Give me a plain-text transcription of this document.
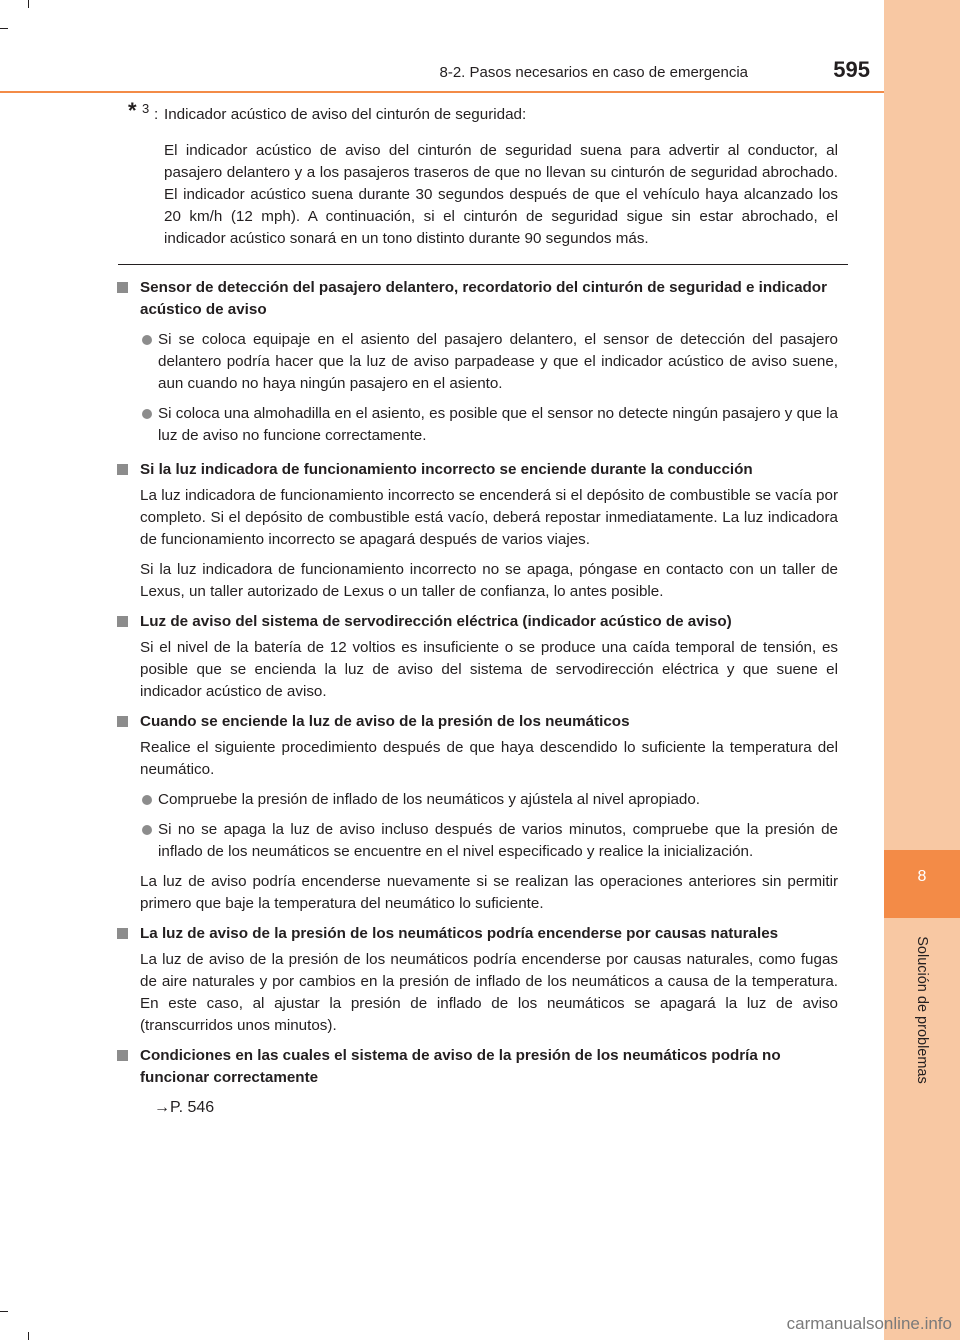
8
Solución de problemas
8-2. Pasos necesarios en caso de emergencia	595

* 3 : Indicador acústico de aviso del cinturón de seguridad:

El indicador acústico de aviso del cinturón de seguridad suena para advertir al conductor, al pasajero delantero y a los pasajeros traseros de que no llevan su cinturón de seguridad abrochado. El indicador acústico suena durante 30 segundos después de que el vehículo haya alcanzado los 20 km/h (12 mph). A continuación, si el cinturón de seguridad sigue sin estar abrochado, el indicador acústico sonará en un tono distinto durante 90 segundos más.

Sensor de detección del pasajero delantero, recordatorio del cinturón de seguridad e indicador acústico de aviso

Si se coloca equipaje en el asiento del pasajero delantero, el sensor de detección del pasajero delantero podría hacer que la luz de aviso parpadease y que el indicador acústico de aviso suene, aun cuando no haya ningún pasajero en el asiento.

Si coloca una almohadilla en el asiento, es posible que el sensor no detecte ningún pasajero y que la luz de aviso no funcione correctamente.

Si la luz indicadora de funcionamiento incorrecto se enciende durante la conducción

La luz indicadora de funcionamiento incorrecto se encenderá si el depósito de combustible se vacía por completo. Si el depósito de combustible está vacío, deberá repostar inmediatamente. La luz indicadora de funcionamiento incorrecto se apagará después de varios viajes.

Si la luz indicadora de funcionamiento incorrecto no se apaga, póngase en contacto con un taller de Lexus, un taller autorizado de Lexus o un taller de confianza, lo antes posible.

Luz de aviso del sistema de servodirección eléctrica (indicador acústico de aviso)

Si el nivel de la batería de 12 voltios es insuficiente o se produce una caída temporal de tensión, es posible que se encienda la luz de aviso del sistema de servodirección eléctrica y que suene el indicador acústico de aviso.

Cuando se enciende la luz de aviso de la presión de los neumáticos

Realice el siguiente procedimiento después de que haya descendido lo suficiente la temperatura del neumático.

Compruebe la presión de inflado de los neumáticos y ajústela al nivel apropiado.

Si no se apaga la luz de aviso incluso después de varios minutos, compruebe que la presión de inflado de los neumáticos se encuentre en el nivel especificado y realice la inicialización.

La luz de aviso podría encenderse nuevamente si se realizan las operaciones anteriores sin permitir primero que baje la temperatura del neumático lo suficiente.

La luz de aviso de la presión de los neumáticos podría encenderse por causas naturales

La luz de aviso de la presión de los neumáticos podría encenderse por causas naturales, como fugas de aire naturales y por cambios en la presión de inflado de los neumáticos a causa de la temperatura. En este caso, al ajustar la presión de inflado de los neumáticos se apagará la luz de aviso (transcurridos unos minutos).

Condiciones en las cuales el sistema de aviso de la presión de los neumáticos podría no funcionar correctamente

→P. 546

carmanualsonline.info
